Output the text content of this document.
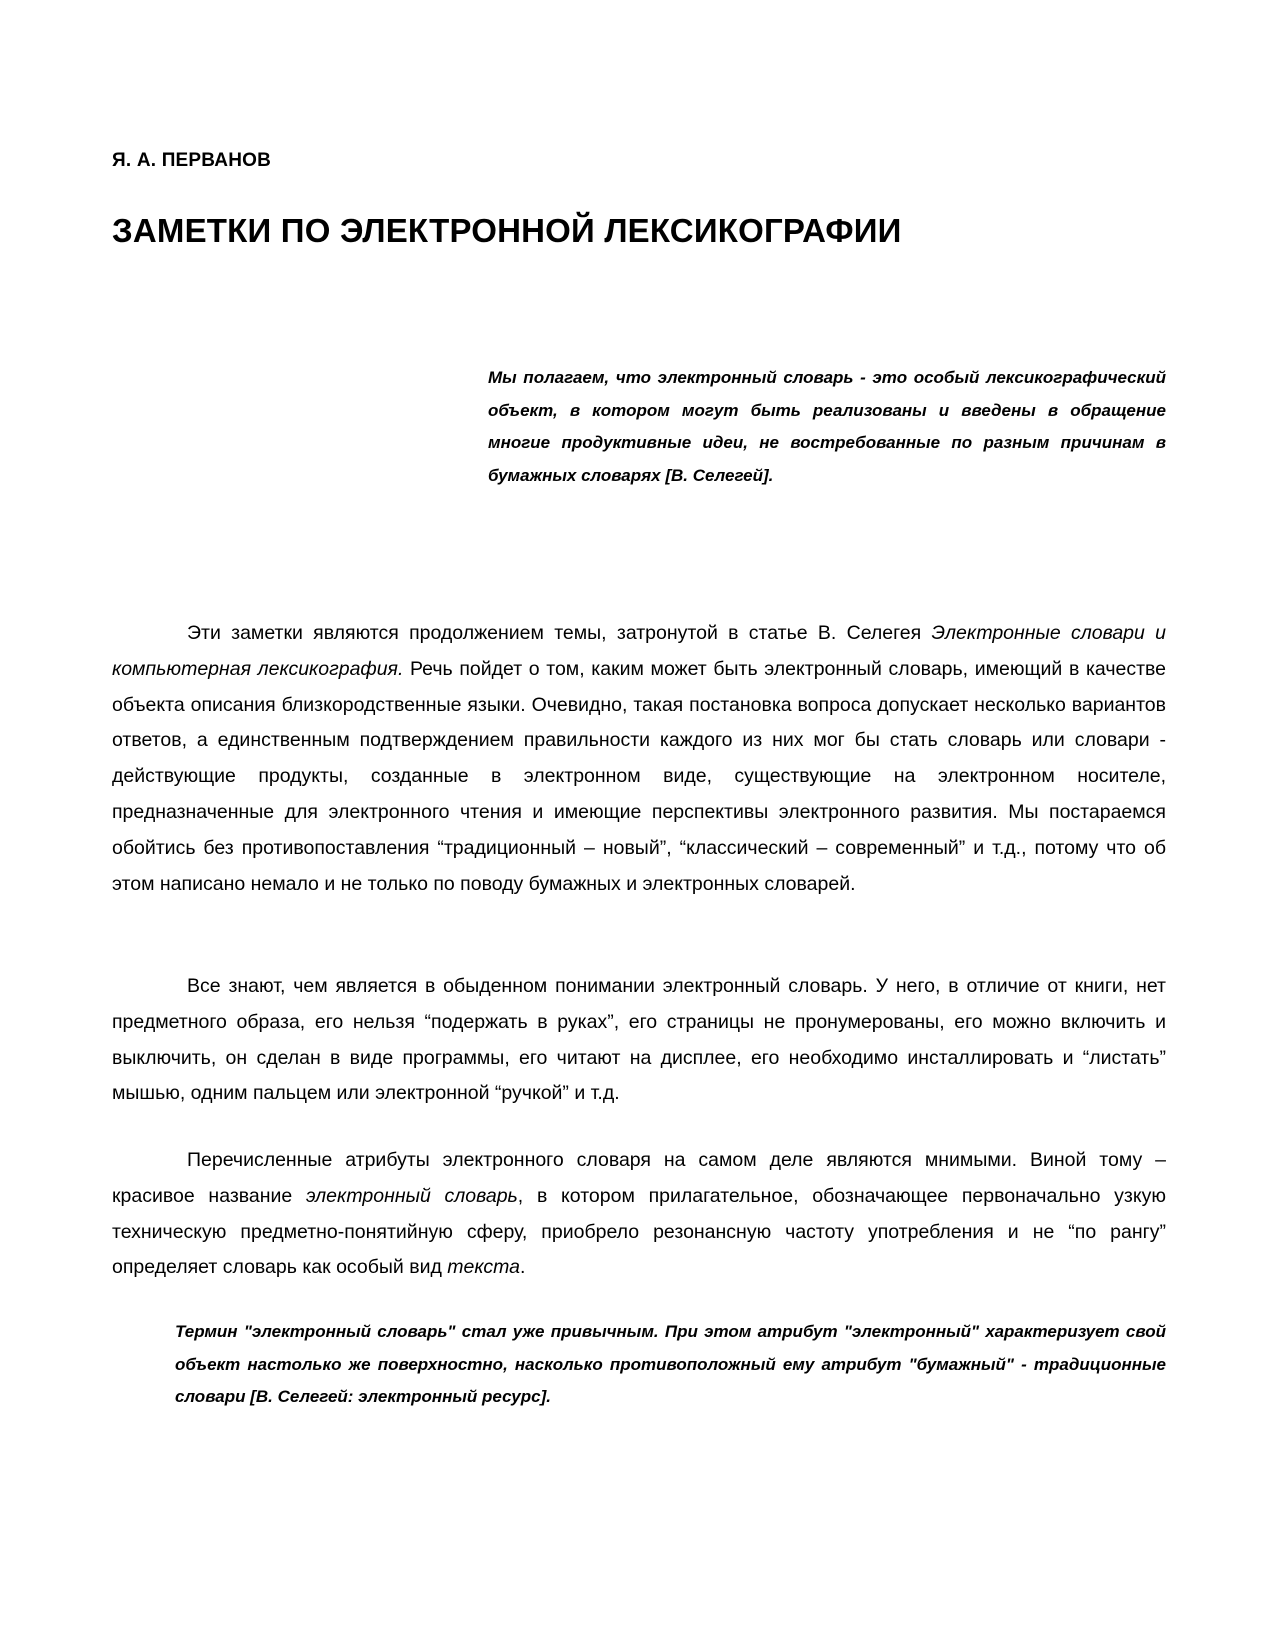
Я. А. ПЕРВАНОВ

ЗАМЕТКИ ПО ЭЛЕКТРОННОЙ ЛЕКСИКОГРАФИИ

Мы полагаем, что электронный словарь - это особый лексикографический объект, в котором могут быть реализованы и введены в обращение многие продуктивные идеи, не востребованные по разным причинам в бумажных словарях [В. Селегей].

Эти заметки являются продолжением темы, затронутой в статье В. Селегея Электронные словари и компьютерная лексикография. Речь пойдет о том, каким может быть электронный словарь, имеющий в качестве объекта описания близкородственные языки. Очевидно, такая постановка вопроса допускает несколько вариантов ответов, а единственным подтверждением правильности каждого из них мог бы стать словарь или словари - действующие продукты, созданные в электронном виде, существующие на электронном носителе, предназначенные для электронного чтения и имеющие перспективы электронного развития. Мы постараемся обойтись без противопоставления “традиционный – новый”, “классический – современный” и т.д., потому что об этом написано немало и не только по поводу бумажных и электронных словарей.

Все знают, чем является в обыденном понимании электронный словарь. У него, в отличие от книги, нет предметного образа, его нельзя “подержать в руках”, его страницы не пронумерованы, его можно включить и выключить, он сделан в виде программы, его читают на дисплее, его необходимо инсталлировать и “листать” мышью, одним пальцем или электронной “ручкой” и т.д.

Перечисленные атрибуты электронного словаря на самом деле являются мнимыми. Виной тому – красивое название электронный словарь, в котором прилагательное, обозначающее первоначально узкую техническую предметно-понятийную сферу, приобрело резонансную частоту употребления и не “по рангу” определяет словарь как особый вид текста.

Термин "электронный словарь" стал уже привычным. При этом атрибут "электронный" характеризует свой объект настолько же поверхностно, насколько противоположный ему атрибут "бумажный" - традиционные словари [В. Селегей: электронный ресурс].
